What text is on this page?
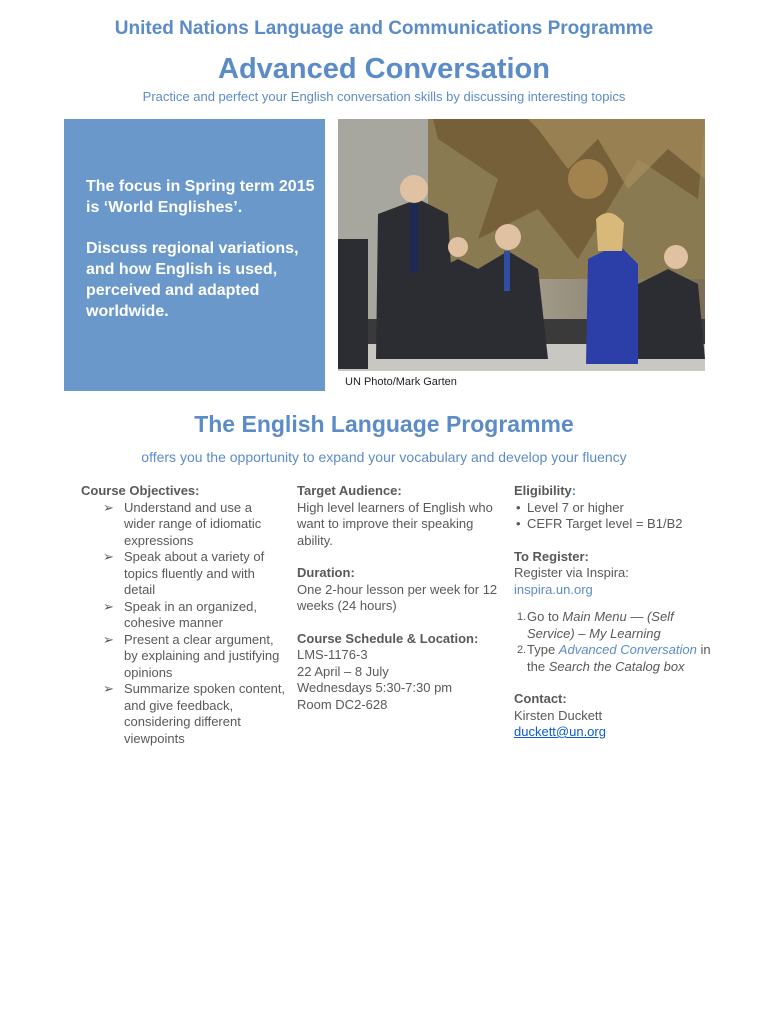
United Nations Language and Communications Programme
Advanced Conversation
Practice and perfect your English conversation skills by discussing interesting topics

The focus in Spring term 2015 is ‘World Englishes’.

Discuss regional variations, and how English is used, perceived and adapted worldwide.

UN Photo/Mark Garten
The English Language Programme
offers you the opportunity to expand your vocabulary and develop your fluency
Course Objectives:
➢ Understand and use a wider range of idiomatic expressions
➢ Speak about a variety of topics fluently and with detail
➢ Speak in an organized, cohesive manner
➢ Present a clear argument, by explaining and justifying opinions
➢ Summarize spoken content, and give feedback, considering different viewpoints
Target Audience:
High level learners of English who want to improve their speaking ability.
Duration:
One 2-hour lesson per week for 12 weeks (24 hours)
Course Schedule & Location:
LMS-1176-3
22 April – 8 July
Wednesdays 5:30-7:30 pm
Room DC2-628
Eligibility:
• Level 7 or higher
• CEFR Target level = B1/B2
To Register:
Register via Inspira:
inspira.un.org
1. Go to Main Menu — (Self Service) – My Learning
2. Type Advanced Conversation in the Search the Catalog box
Contact:
Kirsten Duckett
duckett@un.org
